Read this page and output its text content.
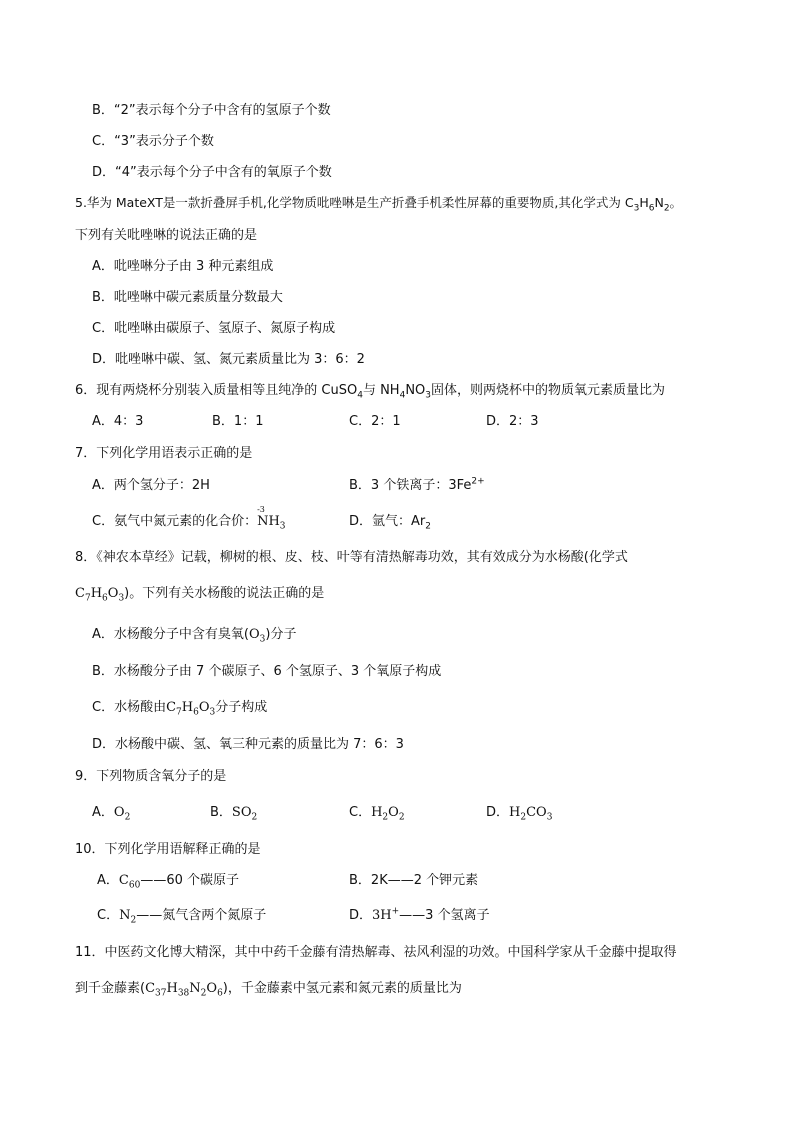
B．“2”表示每个分子中含有的氢原子个数
C．“3”表示分子个数
D．“4”表示每个分子中含有的氧原子个数
5.华为 MateXT是一款折叠屏手机,化学物质吡唑啉是生产折叠手机柔性屏幕的重要物质,其化学式为 $C_3H_6N_2$。
下列有关吡唑啉的说法正确的是
A．吡唑啉分子由 3 种元素组成
B．吡唑啉中碳元素质量分数最大
C．吡唑啉由碳原子、氢原子、氮原子构成
D．吡唑啉中碳、氢、氮元素质量比为 3：6：2
6．现有两烧杯分别装入质量相等且纯净的 CuSO$_4$与 $NH_4NO_3$固体，则两烧杯中的物质氧元素质量比为
A．4：3	B．1：1	C．2：1	D．2：3
7．下列化学用语表示正确的是
A．两个氢分子：2H	B．3 个铁离子：$3Fe^{2+}$
C．氨气中氮元素的化合价：
-3
$NH_3$	D．氩气：$Ar_2$
8．《神农本草经》记载，柳树的根、皮、枝、叶等有清热解毒功效，其有效成分为水杨酸(化学式
$C_7H_6O_3$)。下列有关水杨酸的说法正确的是
A．水杨酸分子中含有臭氧$(O_3)$分子
B．水杨酸分子由 7 个碳原子、6 个氢原子、3 个氧原子构成
C．水杨酸由$C_7H_6O_3$分子构成
D．水杨酸中碳、氢、氧三种元素的质量比为 7：6：3
9．下列物质含氧分子的是
A．$O_2$	B．$SO_2$	C．$H_2O_2$	D．$H_2CO_3$
10．下列化学用语解释正确的是
A．$C_{60}——60$ 个碳原子	B．2K——2 个钾元素
C．$N_2——$氮气含两个氮原子	D．3H+——3 个氢离子
11．中医药文化博大精深，其中中药千金藤有清热解毒、祛风利湿的功效。中国科学家从千金藤中提取得
到千金藤素$(C_{37}H_{38}N_2O_6)$，千金藤素中氢元素和氮元素的质量比为
